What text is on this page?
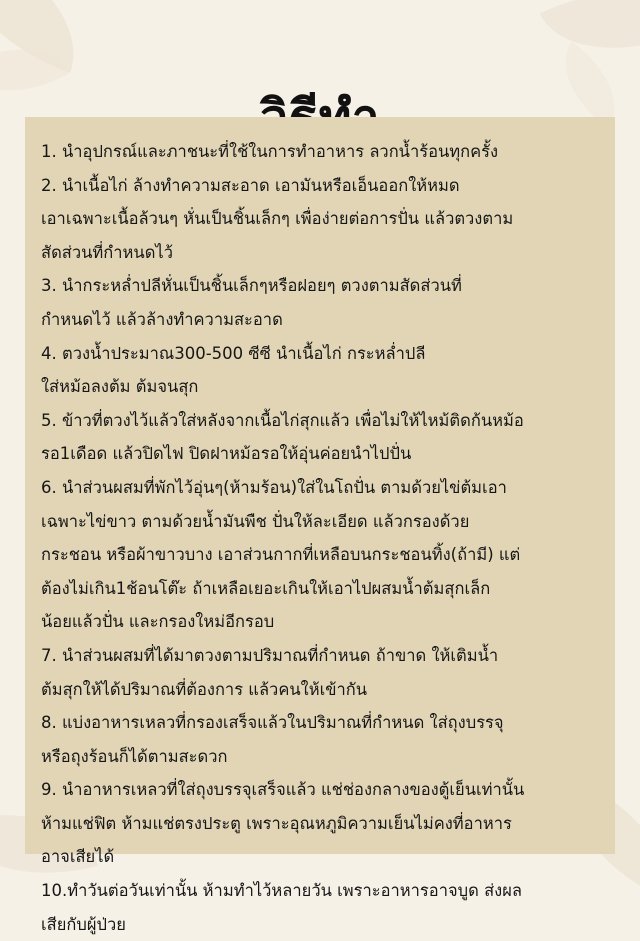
1. นำอุปกรณ์และภาชนะที่ใช้ในการทำอาหาร ลวกน้ำร้อนทุกครั้ง
2. นำเนื้อไก่ ล้างทำความสะอาด เอามันหรือเอ็นออกให้หมด
เอาเฉพาะเนื้อล้วนๆ หั่นเป็นชิ้นเล็กๆ เพื่อง่ายต่อการปั่น แล้วตวงตาม
สัดส่วนที่กำหนดไว้
3. นำกระหล่ำปลีหั่นเป็นชิ้นเล็กๆหรือฝอยๆ ตวงตามสัดส่วนที่
กำหนดไว้ แล้วล้างทำความสะอาด
4. ตวงน้ำประมาณ300-500 ซีซี นำเนื้อไก่ กระหล่ำปลี
ใส่หม้อลงต้ม ต้มจนสุก
5. ข้าวที่ตวงไว้แล้วใส่หลังจากเนื้อไก่สุกแล้ว เพื่อไม่ให้ไหม้ติดก้นหม้อ
รอ1เดือด แล้วปิดไฟ ปิดฝาหม้อรอให้อุ่นค่อยนำไปปั่น
6. นำส่วนผสมที่พักไว้อุ่นๆ(ห้ามร้อน)ใส่ในโถปั่น ตามด้วยไข่ต้มเอา
เฉพาะไข่ขาว ตามด้วยน้ำมันพืช ปั่นให้ละเอียด แล้วกรองด้วย
กระชอน หรือผ้าขาวบาง เอาส่วนกากที่เหลือบนกระชอนทิ้ง(ถ้ามี) แต่
ต้องไม่เกิน1ช้อนโต๊ะ ถ้าเหลือเยอะเกินให้เอาไปผสมน้ำต้มสุกเล็ก
น้อยแล้วปั่น และกรองใหม่อีกรอบ
7. นำส่วนผสมที่ได้มาตวงตามปริมาณที่กำหนด ถ้าขาด ให้เติมน้ำ
ต้มสุกให้ได้ปริมาณที่ต้องการ แล้วคนให้เข้ากัน
8. แบ่งอาหารเหลวที่กรองเสร็จแล้วในปริมาณที่กำหนด ใส่ถุงบรรจุ
หรือถุงร้อนก็ได้ตามสะดวก
9. นำอาหารเหลวที่ใส่ถุงบรรจุเสร็จแล้ว แช่ช่องกลางของตู้เย็นเท่านั้น
ห้ามแช่ฟิต ห้ามแช่ตรงประตู เพราะอุณหภูมิความเย็นไม่คงที่อาหาร
อาจเสียได้
10.ทำวันต่อวันเท่านั้น ห้ามทำไว้หลายวัน เพราะอาหารอาจบูด ส่งผล
เสียกับผู้ป่วย
